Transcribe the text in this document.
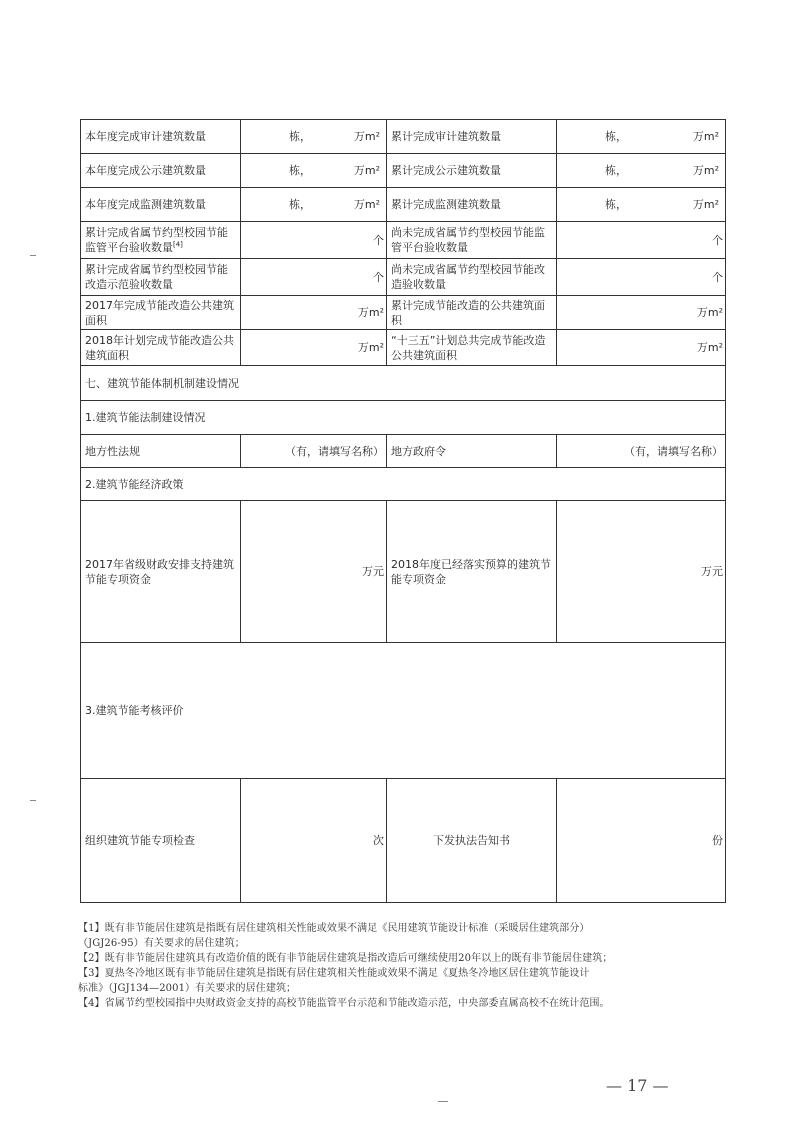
本年度完成审计建筑数量	栋， 万m²	累计完成审计建筑数量	栋， 万m²

本年度完成公示建筑数量	栋， 万m²	累计完成公示建筑数量	栋， 万m²

本年度完成监测建筑数量	栋， 万m²	累计完成监测建筑数量	栋， 万m²

累计完成省属节约型校园节能监管平台验收数量[4]	个	尚未完成省属节约型校园节能监管平台验收数量	个
累计完成省属节约型校园节能改造示范验收数量	个	尚未完成省属节约型校园节能改造验收数量	个
2017年完成节能改造公共建筑面积	万m²	累计完成节能改造的公共建筑面积	万m²
2018年计划完成节能改造公共建筑面积	万m²	“十三五”计划总共完成节能改造公共建筑面积	万m²
七、建筑节能体制机制建设情况			
1.建筑节能法制建设情况			
地方性法规	（有，请填写名称）	地方政府令	（有，请填写名称）
2.建筑节能经济政策			
2017年省级财政安排支持建筑节能专项资金	万元	2018年度已经落实预算的建筑节能专项资金	万元
3.建筑节能考核评价			
组织建筑节能专项检查	次	下发执法告知书	份
【1】既有非节能居住建筑是指既有居住建筑相关性能或效果不满足《民用建筑节能设计标准（采暖居住建筑部分）
（JGJ26-95）有关要求的居住建筑；
【2】既有非节能居住建筑具有改造价值的既有非节能居住建筑是指改造后可继续使用20年以上的既有非节能居住建筑；
【3】夏热冬冷地区既有非节能居住建筑是指既有居住建筑相关性能或效果不满足《夏热冬冷地区居住建筑节能设计
标准》（JGJ134—2001）有关要求的居住建筑；
【4】省属节约型校园指中央财政资金支持的高校节能监管平台示范和节能改造示范，中央部委直属高校不在统计范围。
— 17 —
